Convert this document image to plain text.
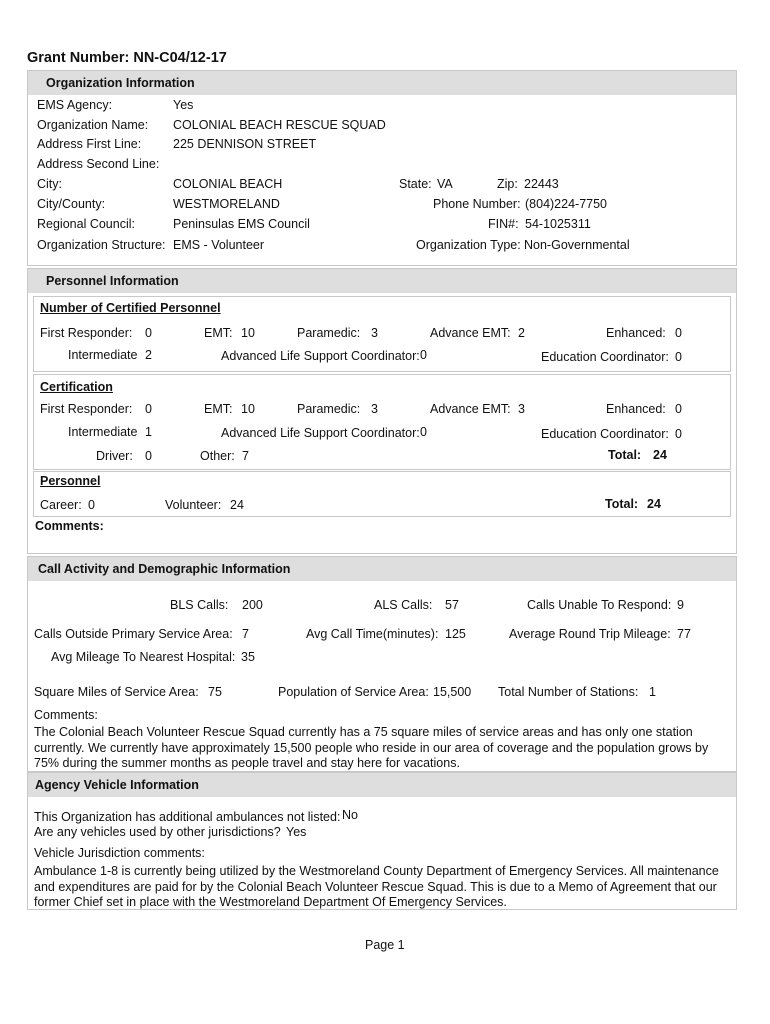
Grant Number: NN-C04/12-17
Organization Information
EMS Agency:	Yes
Organization Name: COLONIAL BEACH RESCUE SQUAD
Address First Line:	225 DENNISON STREET
Address Second Line:
City:	COLONIAL BEACH	State: VA	Zip: 22443
City/County:	WESTMORELAND	Phone Number: (804)224-7750
Regional Council:	Peninsulas EMS Council	FIN#: 54-1025311
Organization Structure: EMS - Volunteer	Organization Type: Non-Governmental
Personnel Information
Number of Certified Personnel
First Responder: 0	EMT: 10	Paramedic: 3	Advance EMT: 2	Enhanced: 0
Intermediate 2	Advanced Life Support Coordinator: 0	Education Coordinator: 0
Certification
First Responder: 0	EMT: 10	Paramedic: 3	Advance EMT: 3	Enhanced: 0
Intermediate 1	Advanced Life Support Coordinator: 0	Education Coordinator: 0
Driver: 0	Other: 7	Total: 24
Personnel
Career: 0	Volunteer: 24	Total: 24
Comments:
Call Activity and Demographic Information
BLS Calls: 200	ALS Calls: 57	Calls Unable To Respond: 9
Calls Outside Primary Service Area: 7	Avg Call Time(minutes): 125	Average Round Trip Mileage: 77
Avg Mileage To Nearest Hospital: 35
Square Miles of Service Area: 75	Population of Service Area: 15,500 Total Number of Stations: 1
Comments:
The Colonial Beach Volunteer Rescue Squad currently has a 75 square miles of service areas and has only one station currently. We currently have approximately 15,500 people who reside in our area of coverage and the population grows by 75% during the summer months as people travel and stay here for vacations.
Agency Vehicle Information
This Organization has additional ambulances not listed: No
Are any vehicles used by other jurisdictions? Yes
Vehicle Jurisdiction comments:
Ambulance 1-8 is currently being utilized by the Westmoreland County Department of Emergency Services. All maintenance and expenditures are paid for by the Colonial Beach Volunteer Rescue Squad. This is due to a Memo of Agreement that our former Chief set in place with the Westmoreland Department Of Emergency Services.
Page 1
